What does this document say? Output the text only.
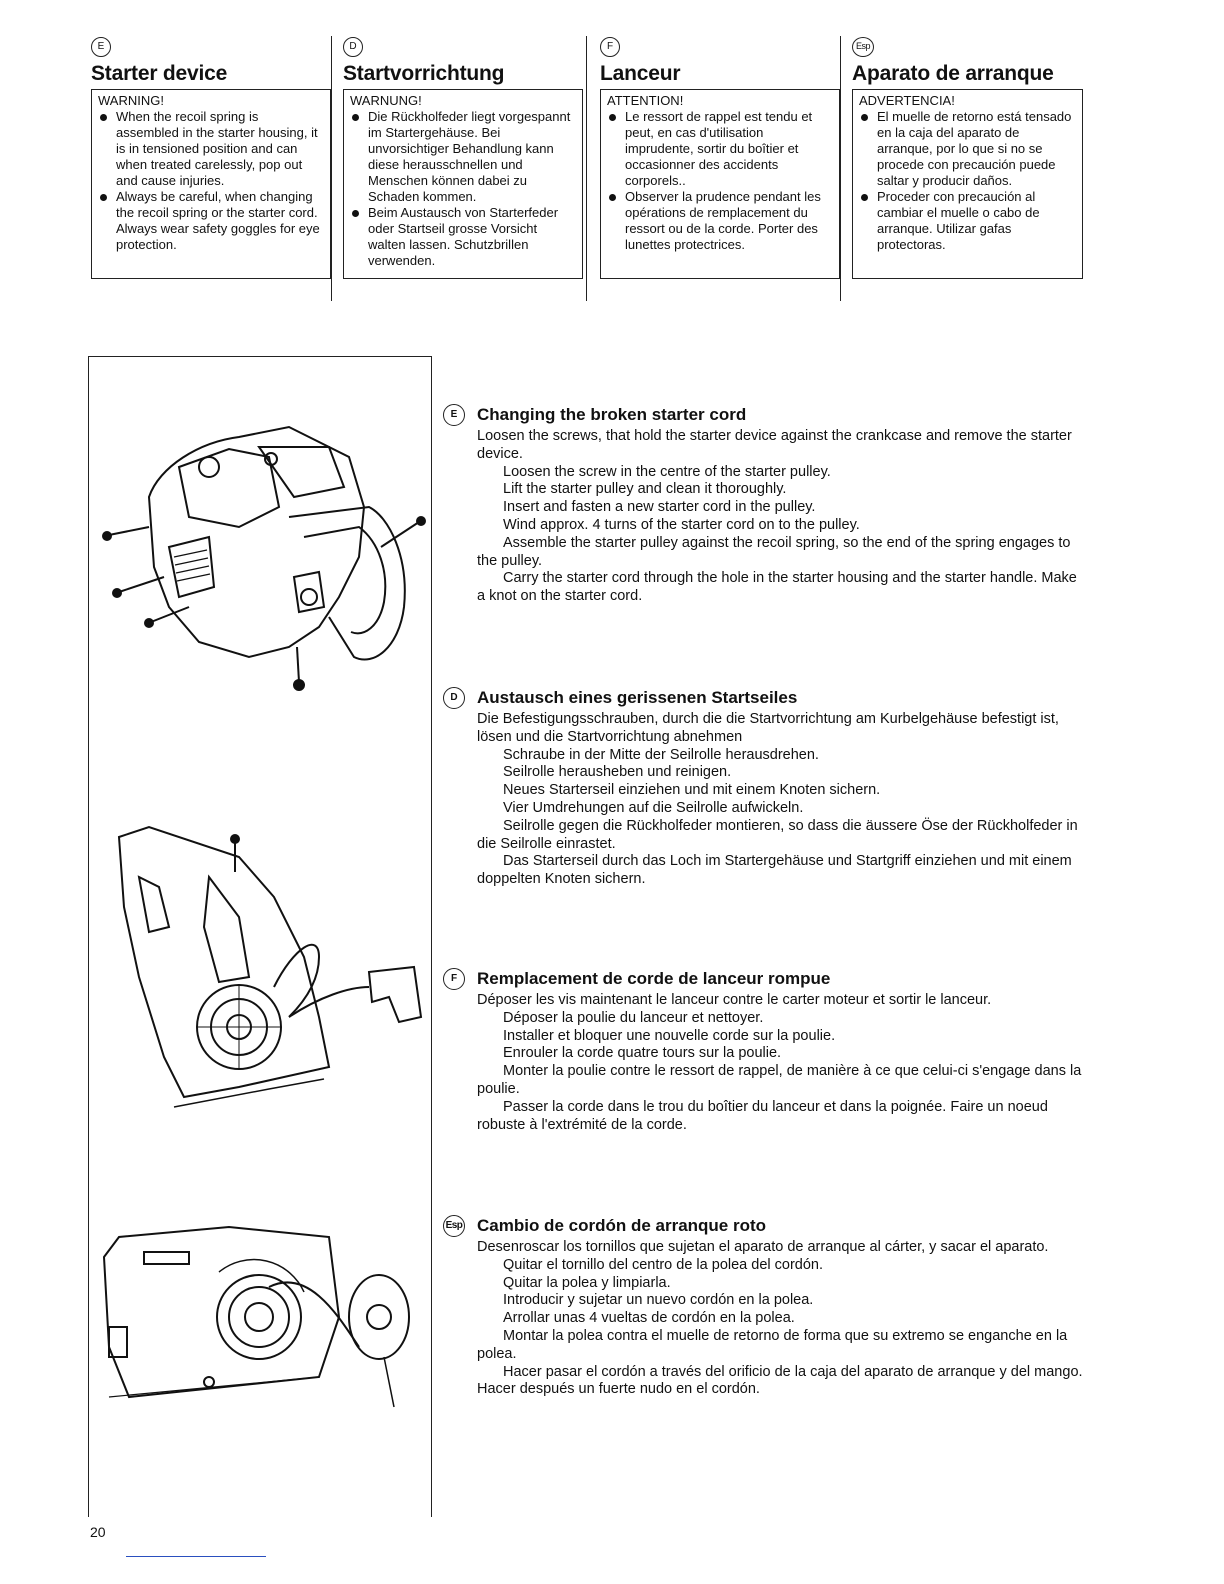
E
Starter device

WARNING!

When the recoil spring is assembled in the starter housing, it is in tensioned position and can when treated carelessly, pop out and cause injuries.
Always be careful, when changing the recoil spring or the starter cord. Always wear safety goggles for eye protection.
D
Startvorrichtung

WARNUNG!

Die Rückholfeder liegt vorgespannt im Startergehäuse. Bei unvorsichtiger Behandlung kann diese herausschnellen und Menschen können dabei zu Schaden kommen.
Beim Austausch von Starterfeder oder Startseil grosse Vorsicht walten lassen. Schutzbrillen verwenden.
F
Lanceur

ATTENTION!

Le ressort de rappel est tendu et peut, en cas d'utilisation imprudente, sortir du boîtier et occasionner des accidents corporels..
Observer la prudence pendant les opérations de remplacement du ressort ou de la corde. Porter des lunettes protectrices.
Esp
Aparato de arranque

ADVERTENCIA!

El muelle de retorno está tensado en la caja del aparato de arranque, por lo que si no se procede con precaución puede saltar y producir daños.
Proceder con precaución al cambiar el muelle o cabo de arranque. Utilizar gafas protectoras.
E	Changing the broken starter cord

Loosen the screws, that hold the starter device against the crankcase and remove the starter device.

Loosen the screw in the centre of the starter pulley.

Lift the starter pulley and clean it thoroughly.

Insert and fasten a new starter cord in the pulley.

Wind approx. 4 turns of the starter cord on to the pulley.

Assemble the starter pulley against the recoil spring, so the end of the spring engages to the pulley.

Carry the starter cord through the hole in the starter housing and the starter handle. Make a knot on the starter cord.

D	Austausch eines gerissenen Startseiles

Die Befestigungsschrauben, durch die die Startvorrichtung am Kurbelgehäuse befestigt ist, lösen und die Startvorrichtung abnehmen

Schraube in der Mitte der Seilrolle herausdrehen.

Seilrolle herausheben und reinigen.

Neues Starterseil einziehen und mit einem Knoten sichern.

Vier Umdrehungen auf die Seilrolle aufwickeln.

Seilrolle gegen die Rückholfeder montieren, so dass die äussere Öse der Rückholfeder in die Seilrolle einrastet.

Das Starterseil durch das Loch im Startergehäuse und Startgriff einziehen und mit einem doppelten Knoten sichern.

F	Remplacement de corde de lanceur rompue

Déposer les vis maintenant le lanceur contre le carter moteur et sortir le lanceur.

Déposer la poulie du lanceur et nettoyer.

Installer et bloquer une nouvelle corde sur la poulie.

Enrouler la corde quatre tours sur la poulie.

Monter la poulie contre le ressort de rappel, de manière à ce que celui-ci s'engage dans la poulie.

Passer la corde dans le trou du boîtier du lanceur et dans la poignée. Faire un noeud robuste à l'extrémité de la corde.

Esp Cambio de cordón de arranque roto

Desenroscar los tornillos que sujetan el aparato de arranque al cárter, y sacar el aparato.

Quitar el tornillo del centro de la polea del cordón.

Quitar la polea y limpiarla.

Introducir y sujetar un nuevo cordón en la polea.

Arrollar unas 4 vueltas de cordón en la polea.

Montar la polea contra el muelle de retorno de forma que su extremo se enganche en la polea.

Hacer pasar el cordón a través del orificio de la caja del aparato de arranque y del mango. Hacer después un fuerte nudo en el cordón.

20
